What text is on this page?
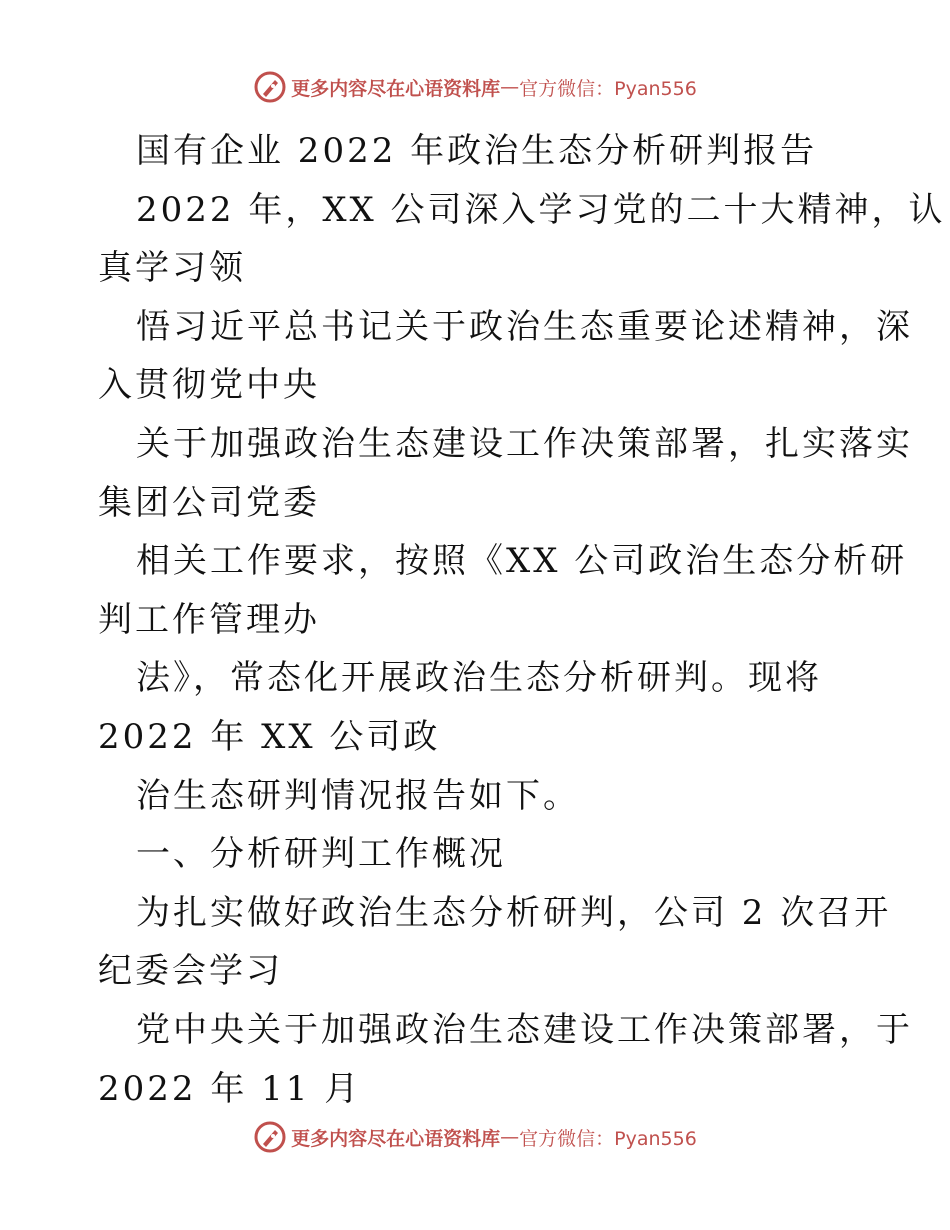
更多内容尽在心语资料库 — 官方微信：Pyan556
国有企业 2022 年政治生态分析研判报告
2022 年，XX 公司深入学习党的二十大精神，认
真学习领
悟习近平总书记关于政治生态重要论述精神，深
入贯彻党中央
关于加强政治生态建设工作决策部署，扎实落实
集团公司党委
相关工作要求，按照《XX 公司政治生态分析研
判工作管理办
法》，常态化开展政治生态分析研判。现将
2022 年 XX 公司政
治生态研判情况报告如下。
一、分析研判工作概况
为扎实做好政治生态分析研判，公司 2 次召开
纪委会学习
党中央关于加强政治生态建设工作决策部署，于
2022 年 11 月
更多内容尽在心语资料库 — 官方微信：Pyan556
